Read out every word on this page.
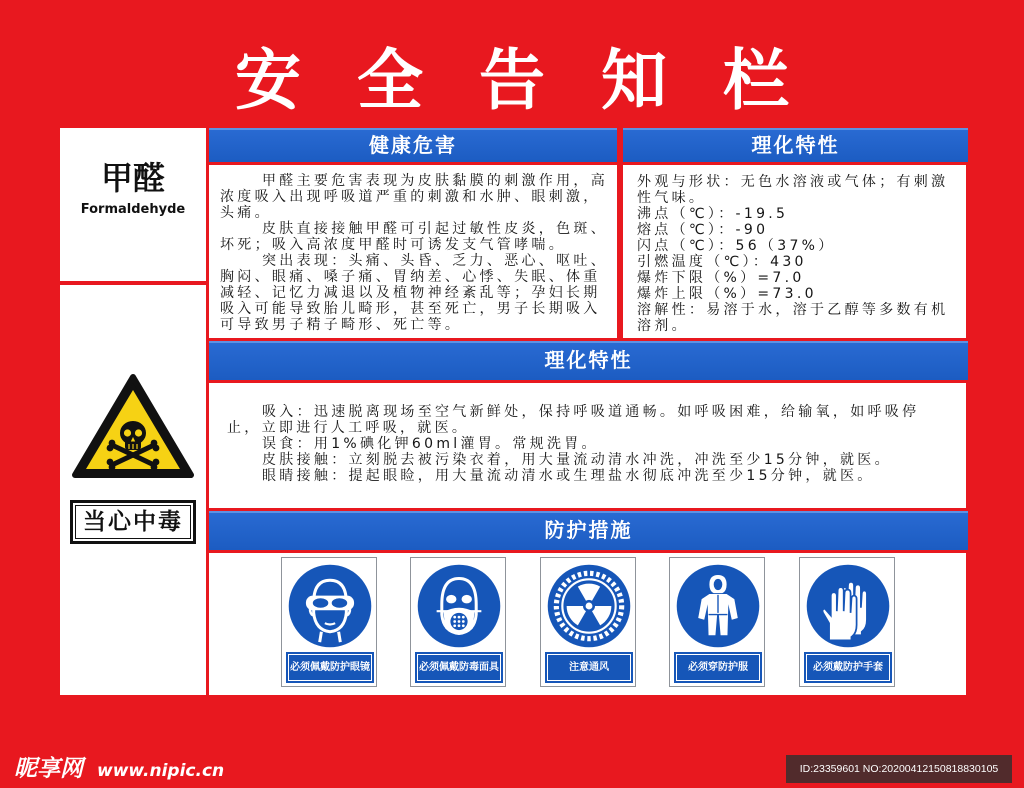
安全告知栏
甲醛
Formaldehyde
当心中毒
健康危害

甲醛主要危害表现为皮肤黏膜的刺激作用，高浓度吸入出现呼吸道严重的刺激和水肿、眼刺激，头痛。

皮肤直接接触甲醛可引起过敏性皮炎，色斑、坏死；吸入高浓度甲醛时可诱发支气管哮喘。

突出表现：头痛、头昏、乏力、恶心、呕吐、胸闷、眼痛、嗓子痛、胃纳差、心悸、失眠、体重减轻、记忆力减退以及植物神经紊乱等；孕妇长期吸入可能导致胎儿畸形，甚至死亡，男子长期吸入可导致男子精子畸形、死亡等。

理化特性

外观与形状：无色水溶液或气体；有刺激性气味。

沸点（℃）：-19.5

熔点（℃）：-90

闪点（℃）：56（37%）

引燃温度（℃）：430

爆炸下限（%）=7.0

爆炸上限（%）=73.0

溶解性：易溶于水，溶于乙醇等多数有机溶剂。

理化特性

吸入：迅速脱离现场至空气新鲜处，保持呼吸道通畅。如呼吸困难，给输氧，如呼吸停止，立即进行人工呼吸，就医。

误食：用1%碘化钾60ml灌胃。常规洗胃。

皮肤接触：立刻脱去被污染衣着，用大量流动清水冲洗，冲洗至少15分钟，就医。

眼睛接触：提起眼睑，用大量流动清水或生理盐水彻底冲洗至少15分钟，就医。

防护措施
必须佩戴防护眼镜	必须佩戴防毒面具	注意通风	必须穿防护服	必须戴防护手套
昵享网 www.nipic.cn	ID:23359601 NO:20200412150818830105
